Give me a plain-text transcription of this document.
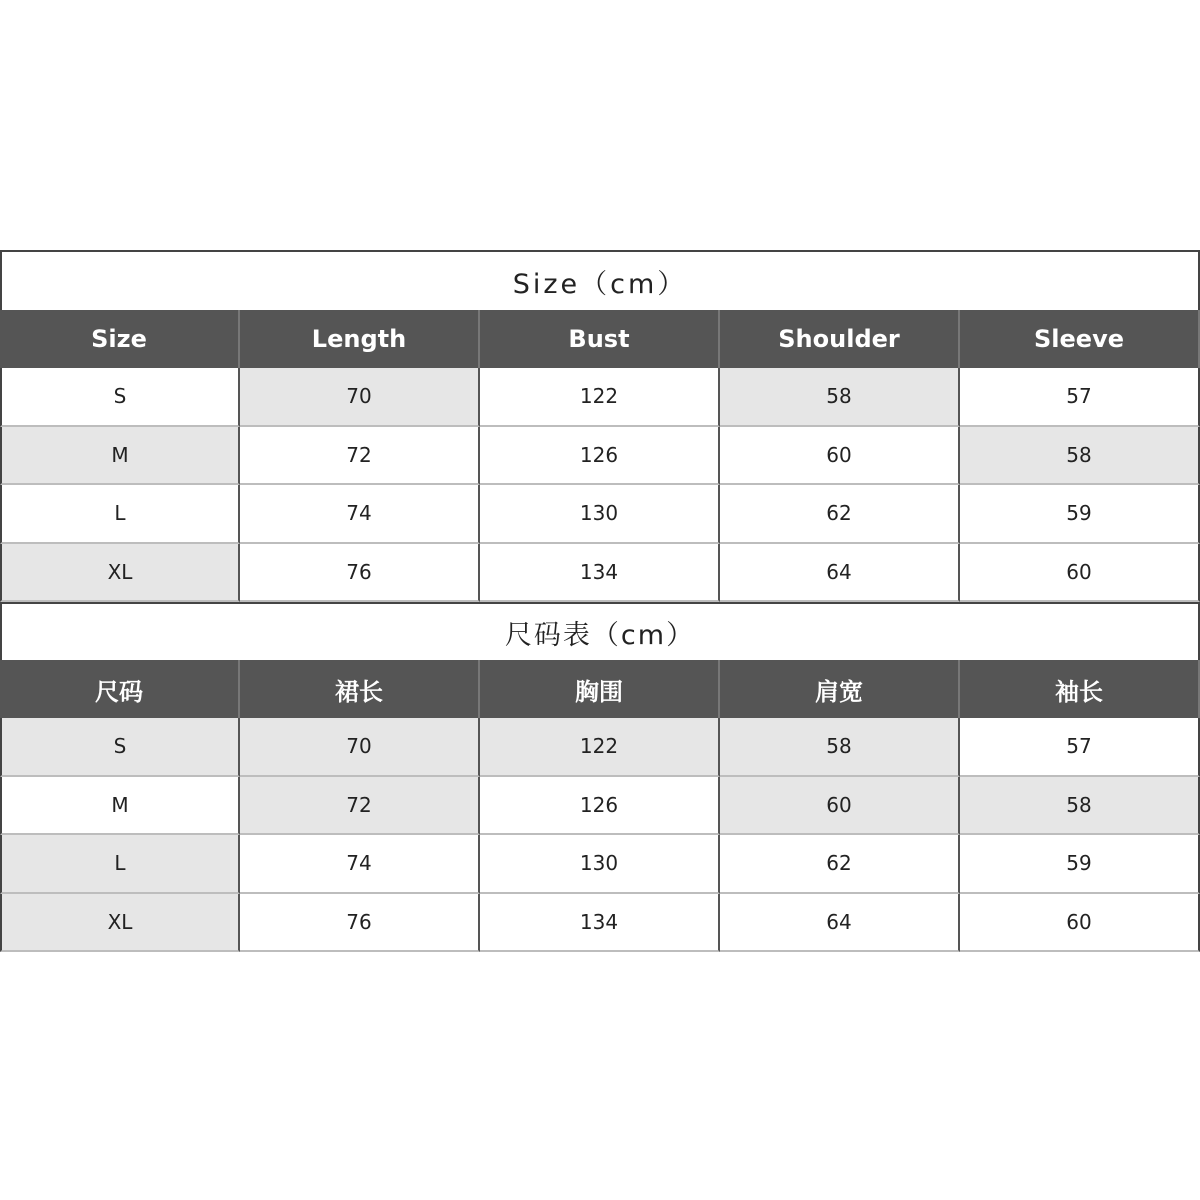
Size（cm）
Size	Length	Bust	Shoulder	Sleeve
S	70	122	58	57
M	72	126	60	58
L	74	130	62	59
XL	76	134	64	60
尺码表（cm）
尺码	裙长	胸围	肩宽	袖长
S	70	122	58	57
M	72	126	60	58
L	74	130	62	59
XL	76	134	64	60
